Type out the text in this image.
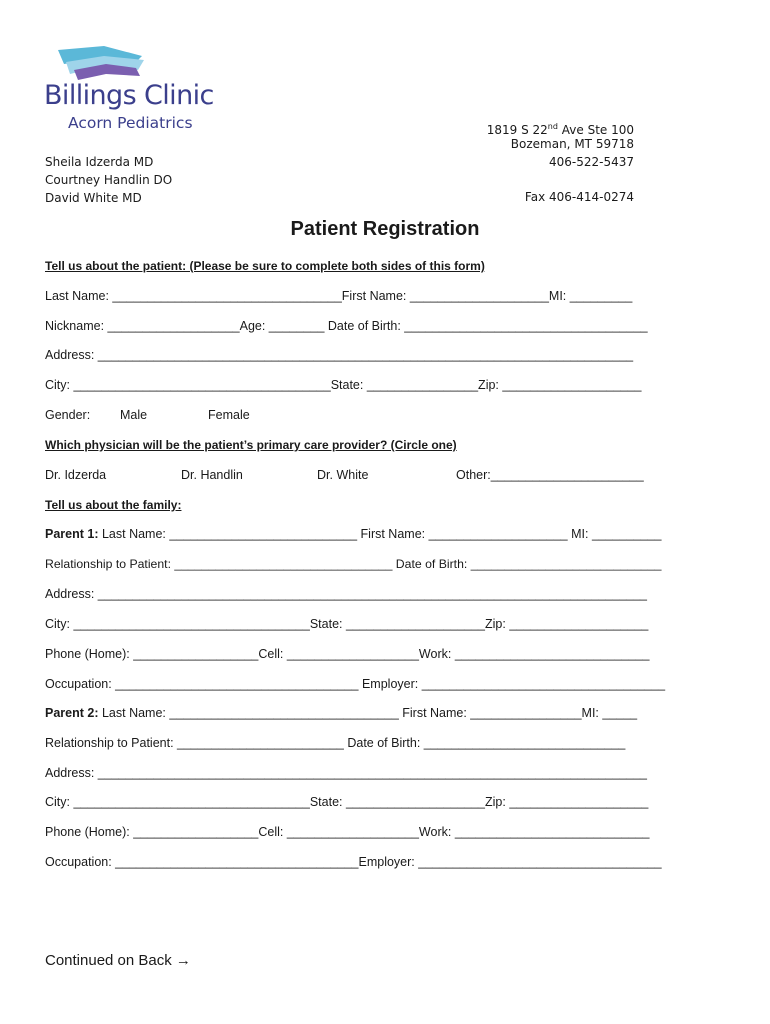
Billings Clinic
Acorn Pediatrics	1819 S 22nd Ave Ste 100
Bozeman, MT 59718
406-522-5437
Fax 406-414-0274
Sheila Idzerda MD
Courtney Handlin DO
David White MD
Patient Registration
Tell us about the patient: (Please be sure to complete both sides of this form)
Last Name: _________________________________First Name: ____________________MI: _________
Nickname: ___________________Age: ________ Date of Birth: ___________________________________
Address: _____________________________________________________________________________
City: _____________________________________State: ________________Zip: ____________________
Gender: Male	Female
Which physician will be the patient’s primary care provider? (Circle one)
Dr. Idzerda	Dr. Handlin	Dr. White	Other:______________________
Tell us about the family:
Parent 1: Last Name: ___________________________ First Name: ____________________ MI: __________
Relationship to Patient: ________________________________ Date of Birth: ____________________________
Address: _______________________________________________________________________________
City: __________________________________State: ____________________Zip: ____________________
Phone (Home): __________________Cell: ___________________Work: ____________________________
Occupation: ___________________________________ Employer: ___________________________________
Parent 2: Last Name: _________________________________ First Name: ________________MI: _____
Relationship to Patient: ________________________ Date of Birth: _____________________________
Address: _______________________________________________________________________________
City: __________________________________State: ____________________Zip: ____________________
Phone (Home): __________________Cell: ___________________Work: ____________________________
Occupation: ___________________________________Employer: ___________________________________
Continued on Back →
